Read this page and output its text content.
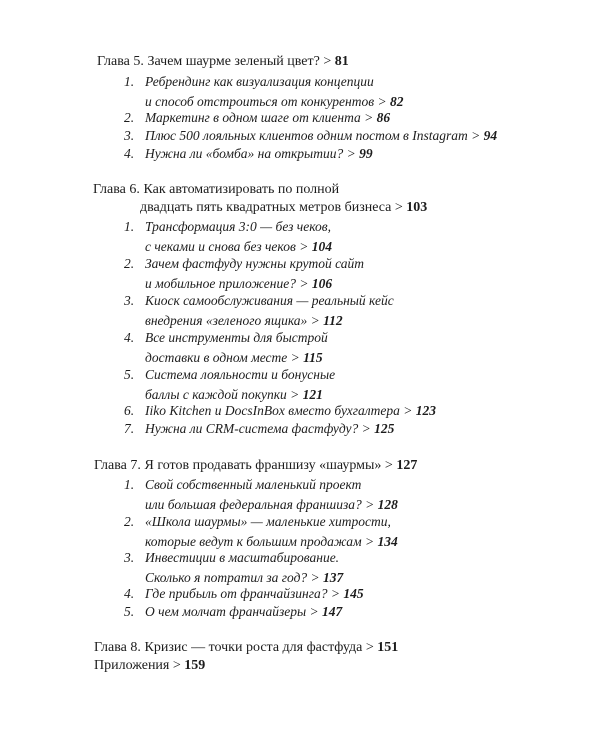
Глава 5. Зачем шаурме зеленый цвет? > 81
1. Ребрендинг как визуализация концепции
и способ отстроиться от конкурентов > 82
2. Маркетинг в одном шаге от клиента > 86
3. Плюс 500 лояльных клиентов одним постом в Instagram > 94
4. Нужна ли «бомба» на открытии? > 99
Глава 6. Как автоматизировать по полной
двадцать пять квадратных метров бизнеса > 103
1. Трансформация 3:0 — без чеков,
с чеками и снова без чеков > 104
2. Зачем фастфуду нужны крутой сайт
и мобильное приложение? > 106
3. Киоск самообслуживания — реальный кейс
внедрения «зеленого ящика» > 112
4. Все инструменты для быстрой
доставки в одном месте > 115
5. Система лояльности и бонусные
баллы с каждой покупки > 121
6. Iiko Kitchen и DocsInBox вместо бухгалтера > 123
7. Нужна ли CRM-система фастфуду? > 125
Глава 7. Я готов продавать франшизу «шаурмы» > 127
1. Свой собственный маленький проект
или большая федеральная франшиза? > 128
2. «Школа шаурмы» — маленькие хитрости,
которые ведут к большим продажам > 134
3. Инвестиции в масштабирование.
Сколько я потратил за год? > 137
4. Где прибыль от франчайзинга? > 145
5. О чем молчат франчайзеры > 147
Глава 8. Кризис — точки роста для фастфуда > 151
Приложения > 159
